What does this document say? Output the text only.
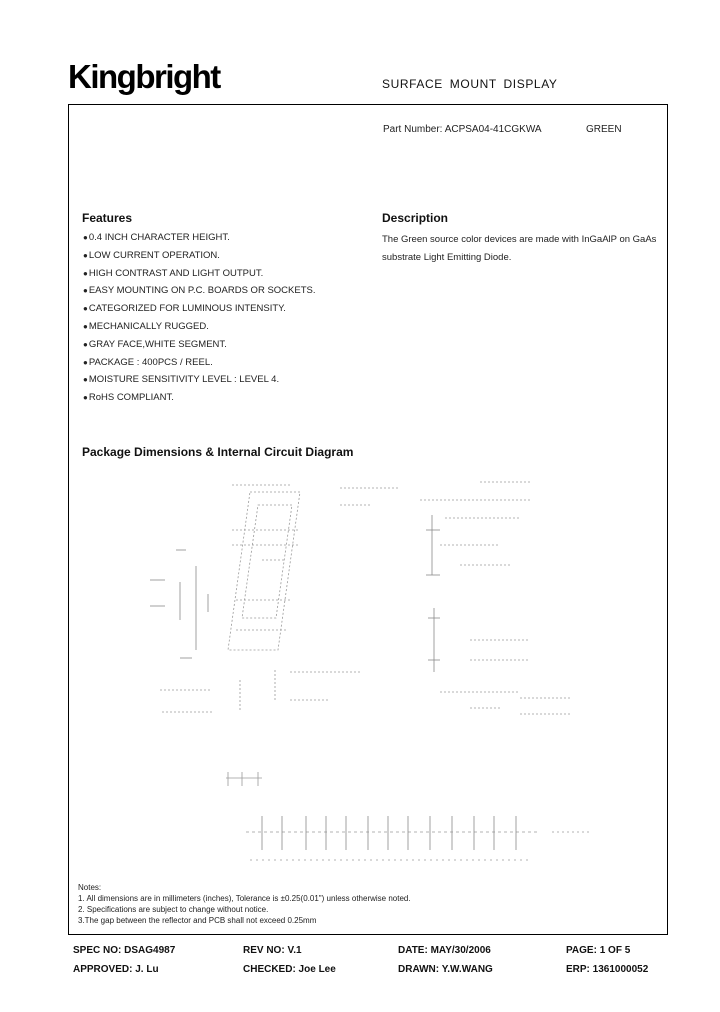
Kingbright	SURFACE MOUNT DISPLAY
Part Number: ACPSA04-41CGKWA	GREEN
Features
● 0.4 INCH CHARACTER HEIGHT.
● LOW CURRENT OPERATION.
● HIGH CONTRAST AND LIGHT OUTPUT.
● EASY MOUNTING ON P.C. BOARDS OR SOCKETS.
● CATEGORIZED FOR LUMINOUS INTENSITY.
● MECHANICALLY RUGGED.
● GRAY FACE,WHITE SEGMENT.
● PACKAGE : 400PCS / REEL.
● MOISTURE SENSITIVITY LEVEL : LEVEL 4.
● RoHS COMPLIANT.
Description
The Green source color devices are made with InGaAlP on GaAs substrate Light Emitting Diode.
Package Dimensions & Internal Circuit Diagram
Notes:
1. All dimensions are in millimeters (inches), Tolerance is ±0.25(0.01") unless otherwise noted.
2. Specifications are subject to change without notice.
3.The gap between the reflector and PCB shall not exceed 0.25mm
SPEC NO: DSAG4987	REV NO: V.1	DATE: MAY/30/2006	PAGE: 1 OF 5
APPROVED: J. Lu	CHECKED: Joe Lee	DRAWN: Y.W.WANG	ERP: 1361000052
